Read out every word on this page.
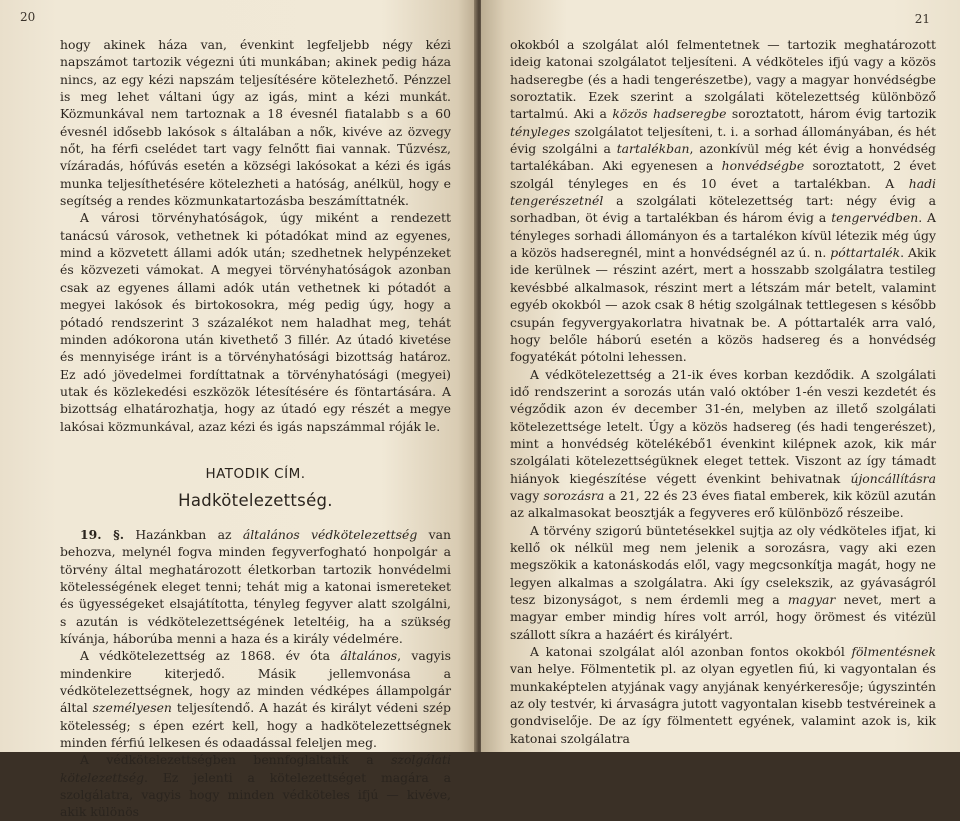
20

hogy akinek háza van, évenkint legfeljebb négy kézi napszámot tartozik végezni úti munkában; akinek pedig háza nincs, az egy kézi napszám teljesítésére kötelezhető. Pénzzel is meg lehet váltani úgy az igás, mint a kézi munkát. Közmunkával nem tartoznak a 18 évesnél fiatalabb s a 60 évesnél idősebb lakósok s általában a nők, kivéve az özvegy nőt, ha férfi cselédet tart vagy felnőtt fiai vannak. Tűzvész, vízáradás, hófúvás esetén a községi lakósokat a kézi és igás munka teljesíthetésére kötelezheti a hatóság, anélkül, hogy e segítség a rendes közmunkatartozásba beszámíttatnék.

A városi törvényhatóságok, úgy miként a rendezett tanácsú városok, vethetnek ki pótadókat mind az egyenes, mind a közvetett állami adók után; szedhetnek helypénzeket és közvezeti vámokat. A megyei törvényhatóságok azonban csak az egyenes állami adók után vethetnek ki pótadót a megyei lakósok és birtokosokra, még pedig úgy, hogy a pótadó rendszerint 3 százalékot nem haladhat meg, tehát minden adókorona után kivethető 3 fillér. Az útadó kivetése és mennyisége iránt is a törvényhatósági bizottság határoz. Ez adó jövedelmei fordíttatnak a törvényhatósági (megyei) utak és közlekedési eszközök létesítésére és föntartására. A bizottság elhatározhatja, hogy az útadó egy részét a megye lakósai közmunkával, azaz kézi és igás napszámmal róják le.

HATODIK CÍM.
Hadkötelezettség.

19. §. Hazánkban az általános védkötelezettség van behozva, melynél fogva minden fegyverfogható honpolgár a törvény által meghatározott életkorban tartozik honvédelmi kötelességének eleget tenni; tehát mig a katonai ismereteket és ügyességeket elsajátította, tényleg fegyver alatt szolgálni, s azután is védkötelezettségének leteltéig, ha a szükség kívánja, háborúba menni a haza és a király védelmére.

A védkötelezettség az 1868. év óta általános, vagyis mindenkire kiterjedő. Másik jellemvonása a védkötelezettségnek, hogy az minden védképes állampolgár által személyesen teljesítendő. A hazát és királyt védeni szép kötelesség; s épen ezért kell, hogy a hadkötelezettségnek minden férfiú lelkesen és odaadással feleljen meg.

A védkötelezettségben bennfoglaltatik a szolgálati kötelezettség. Ez jelenti a kötelezettséget magára a szolgálatra, vagyis hogy minden védköteles ifjú — kivéve, akik különös

21

okokból a szolgálat alól felmentetnek — tartozik meghatározott ideig katonai szolgálatot teljesíteni. A védköteles ifjú vagy a közös hadseregbe (és a hadi tengerészetbe), vagy a magyar honvédségbe soroztatik. Ezek szerint a szolgálati kötelezettség különböző tartalmú. Aki a közös hadseregbe soroztatott, három évig tartozik tényleges szolgálatot teljesíteni, t. i. a sorhad állományában, és hét évig szolgálni a tartalékban, azonkívül még két évig a honvédség tartalékában. Aki egyenesen a honvédségbe soroztatott, 2 évet szolgál tényleges en és 10 évet a tartalékban. A hadi tengerészetnél a szolgálati kötelezettség tart: négy évig a sorhadban, öt évig a tartalékban és három évig a tengervédben. A tényleges sorhadi állományon és a tartalékon kívül létezik még úgy a közös hadseregnél, mint a honvédségnél az ú. n. póttartalék. Akik ide kerülnek — részint azért, mert a hosszabb szolgálatra testileg kevésbbé alkalmasok, részint mert a létszám már betelt, valamint egyéb okokból — azok csak 8 hétig szolgálnak tettlegesen s később csupán fegyvergyakorlatra hivatnak be. A póttartalék arra való, hogy belőle háború esetén a közös hadsereg és a honvédség fogyatékát pótolni lehessen.

A védkötelezettség a 21-ik éves korban kezdődik. A szolgálati idő rendszerint a sorozás után való október 1-én veszi kezdetét és végződik azon év december 31-én, melyben az illető szolgálati kötelezettsége letelt. Úgy a közös hadsereg (és hadi tengerészet), mint a honvédség kötelékébő1 évenkint kilépnek azok, kik már szolgálati kötelezettségüknek eleget tettek. Viszont az így támadt hiányok kiegészítése végett évenkint behivatnak újoncállításra vagy sorozásra a 21, 22 és 23 éves fiatal emberek, kik közül azután az alkalmasokat beosztják a fegyveres erő különböző részeibe.

A törvény szigorú büntetésekkel sujtja az oly védköteles ifjat, ki kellő ok nélkül meg nem jelenik a sorozásra, vagy aki ezen megszökik a katonáskodás elől, vagy megcsonkítja magát, hogy ne legyen alkalmas a szolgálatra. Aki így cselekszik, az gyávaságról tesz bizonyságot, s nem érdemli meg a magyar nevet, mert a magyar ember mindig híres volt arról, hogy örömest és vitézül szállott síkra a hazáért és királyért.

A katonai szolgálat alól azonban fontos okokból fölmentésnek van helye. Fölmentetik pl. az olyan egyetlen fiú, ki vagyontalan és munkaképtelen atyjának vagy anyjának kenyérkeresője; úgyszintén az oly testvér, ki árvaságra jutott vagyontalan kisebb testvéreinek a gondviselője. De az így fölmentett egyének, valamint azok is, kik katonai szolgálatra
